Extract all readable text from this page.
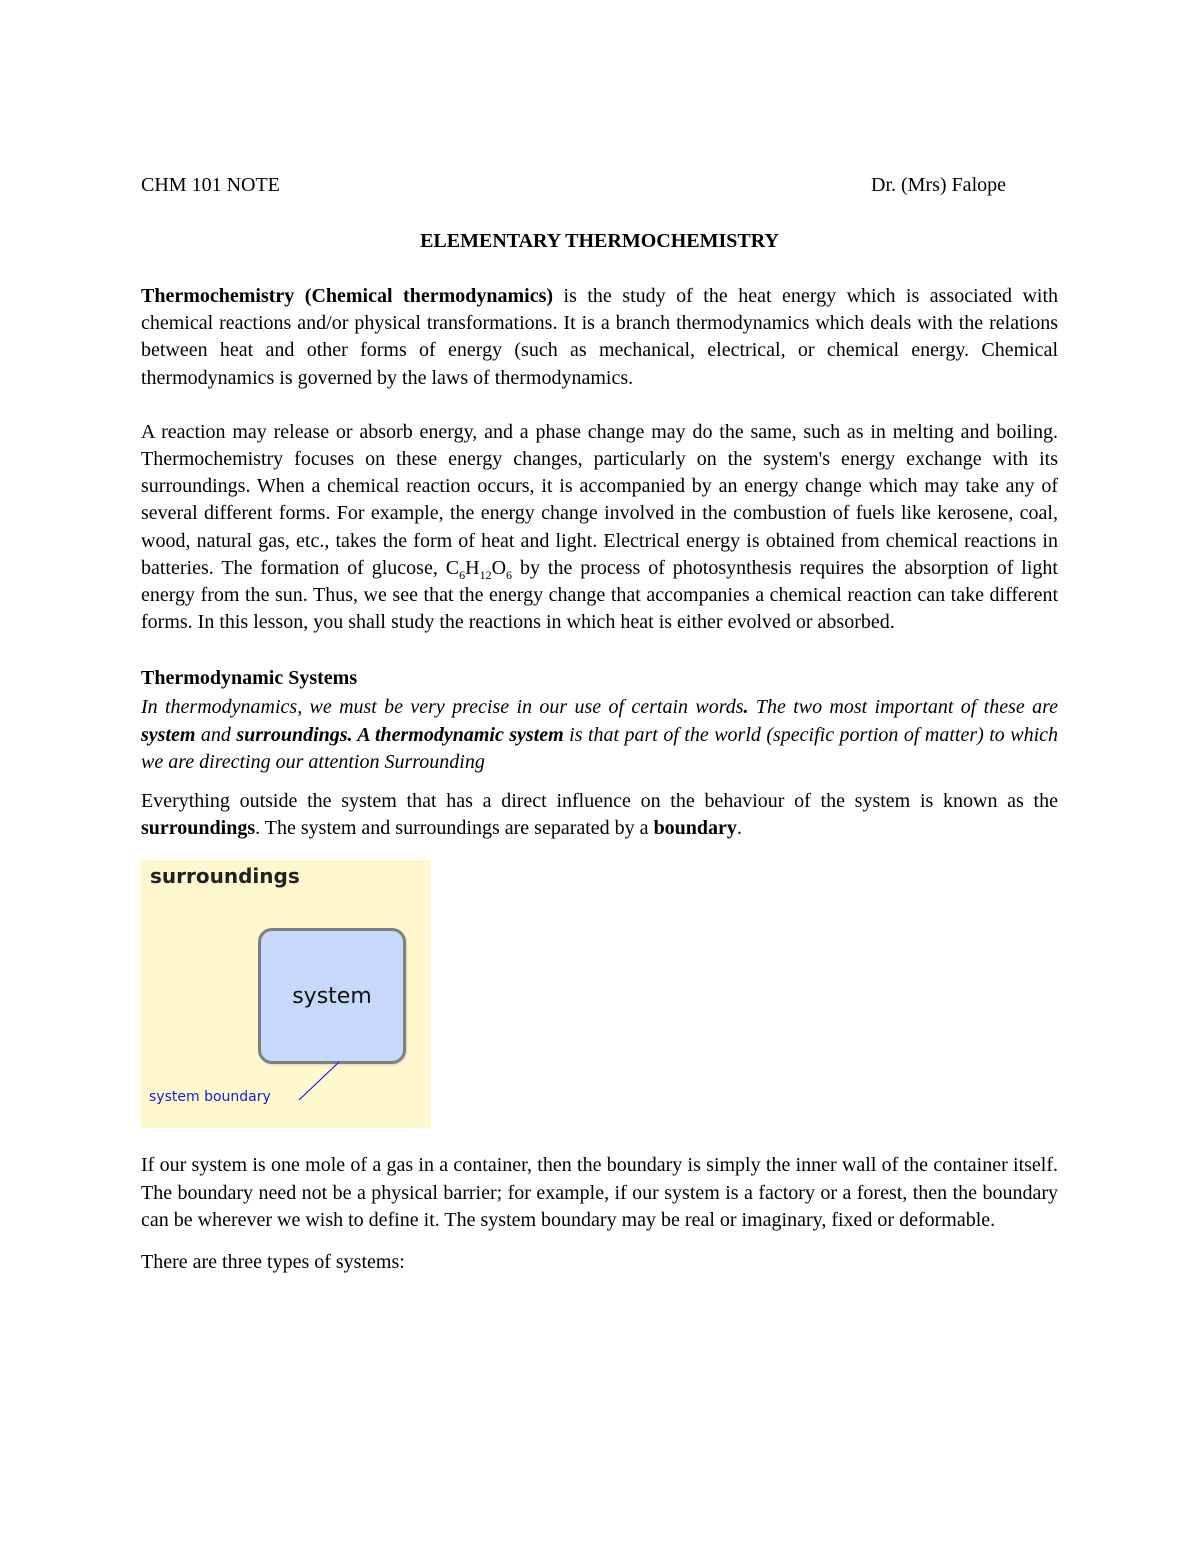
CHM 101 NOTE	Dr. (Mrs) Falope
ELEMENTARY THERMOCHEMISTRY

Thermochemistry (Chemical thermodynamics) is the study of the heat energy which is associated with chemical reactions and/or physical transformations. It is a branch thermodynamics which deals with the relations between heat and other forms of energy (such as mechanical, electrical, or chemical energy. Chemical thermodynamics is governed by the laws of thermodynamics.

A reaction may release or absorb energy, and a phase change may do the same, such as in melting and boiling. Thermochemistry focuses on these energy changes, particularly on the system's energy exchange with its surroundings. When a chemical reaction occurs, it is accompanied by an energy change which may take any of several different forms. For example, the energy change involved in the combustion of fuels like kerosene, coal, wood, natural gas, etc., takes the form of heat and light. Electrical energy is obtained from chemical reactions in batteries. The formation of glucose, $C_6H_{12}O_6$ by the process of photosynthesis requires the absorption of light energy from the sun. Thus, we see that the energy change that accompanies a chemical reaction can take different forms. In this lesson, you shall study the reactions in which heat is either evolved or absorbed.

Thermodynamic Systems

In thermodynamics, we must be very precise in our use of certain words. The two most important of these are system and surroundings. A thermodynamic system is that part of the world (specific portion of matter) to which we are directing our attention Surrounding

Everything outside the system that has a direct influence on the behaviour of the system is known as the surroundings. The system and surroundings are separated by a boundary.

surroundings
system
system boundary

If our system is one mole of a gas in a container, then the boundary is simply the inner wall of the container itself. The boundary need not be a physical barrier; for example, if our system is a factory or a forest, then the boundary can be wherever we wish to define it. The system boundary may be real or imaginary, fixed or deformable.

There are three types of systems:
